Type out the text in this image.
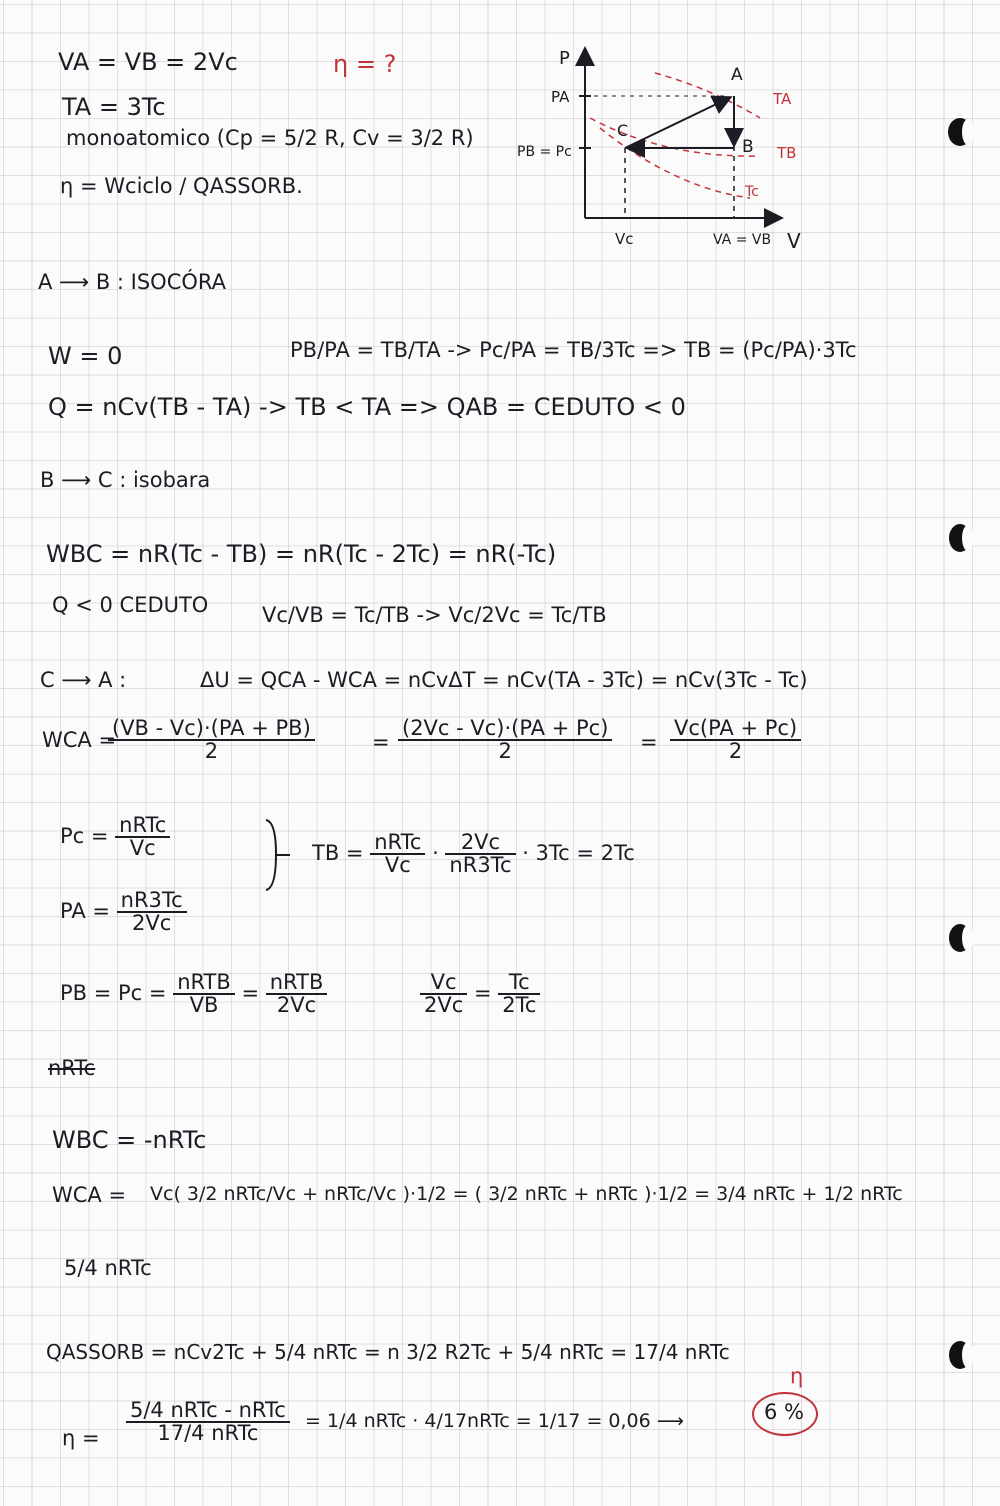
VA = VB = 2Vc
TA = 3Tc
monoatomico (Cp = 5/2 R, Cv = 3/2 R)
η = Wciclo / QASSORB.
η = ?	P
V
PA
PB = Pc
Vc	VA = VB
A
B
C
TA
TB
Tc
A ⟶ B : ISOCÓRA
W = 0	PB/PA = TB/TA -> Pc/PA = TB/3Tc => TB = (Pc/PA)·3Tc
Q = nCv(TB - TA) -> TB < TA => QAB = CEDUTO < 0
B ⟶ C : isobara
WBC = nR(Tc - TB) = nR(Tc - 2Tc) = nR(-Tc)
Q < 0 CEDUTO	Vc/VB = Tc/TB -> Vc/2Vc = Tc/TB
C ⟶ A :	ΔU = QCA - WCA = nCvΔT = nCv(TA - 3Tc) = nCv(3Tc - Tc)
WCA =
$\frac{(VB - Vc)\cdot(PA + PB)}{2}$	= $\frac{(2Vc - Vc)\cdot(PA + Pc)}{2} = \frac{Vc(PA + Pc)}{2}$
$Pc = \frac{\text{nRTc}}{Vc}$
PA = $\frac{nR3Tc}{2Vc}$
TB = $\frac{\text{nRTc}}{Vc} \cdot \frac{2Vc}{nR3Tc} \cdot 3Tc = 2Tc$
PB = $Pc = \frac{\text{nRTB}}{VB} = \frac{\text{nRTB}}{2Vc}$	$\frac{Vc}{2Vc} = \frac{Tc}{2Tc}$
nRTc
WBC = -nRTc
WCA = Vc( 3/2 nRTc/Vc + nRTc/Vc )·1/2 = ( 3/2 nRTc + nRTc )·1/2 = 3/4 nRTc + 1/2 nRTc
5/4 nRTc
QASSORB = nCv2Tc + 5/4 nRTc = n 3/2 R2Tc + 5/4 nRTc = 17/4 nRTc
$\eta = \frac{\text{5/4 nRTc - nRTc}}{\text{17/4 nRTc}} = 1/4$ nRTc · 4/17nRTc = 1/17 = 0,06 ⟶	6 %
η
